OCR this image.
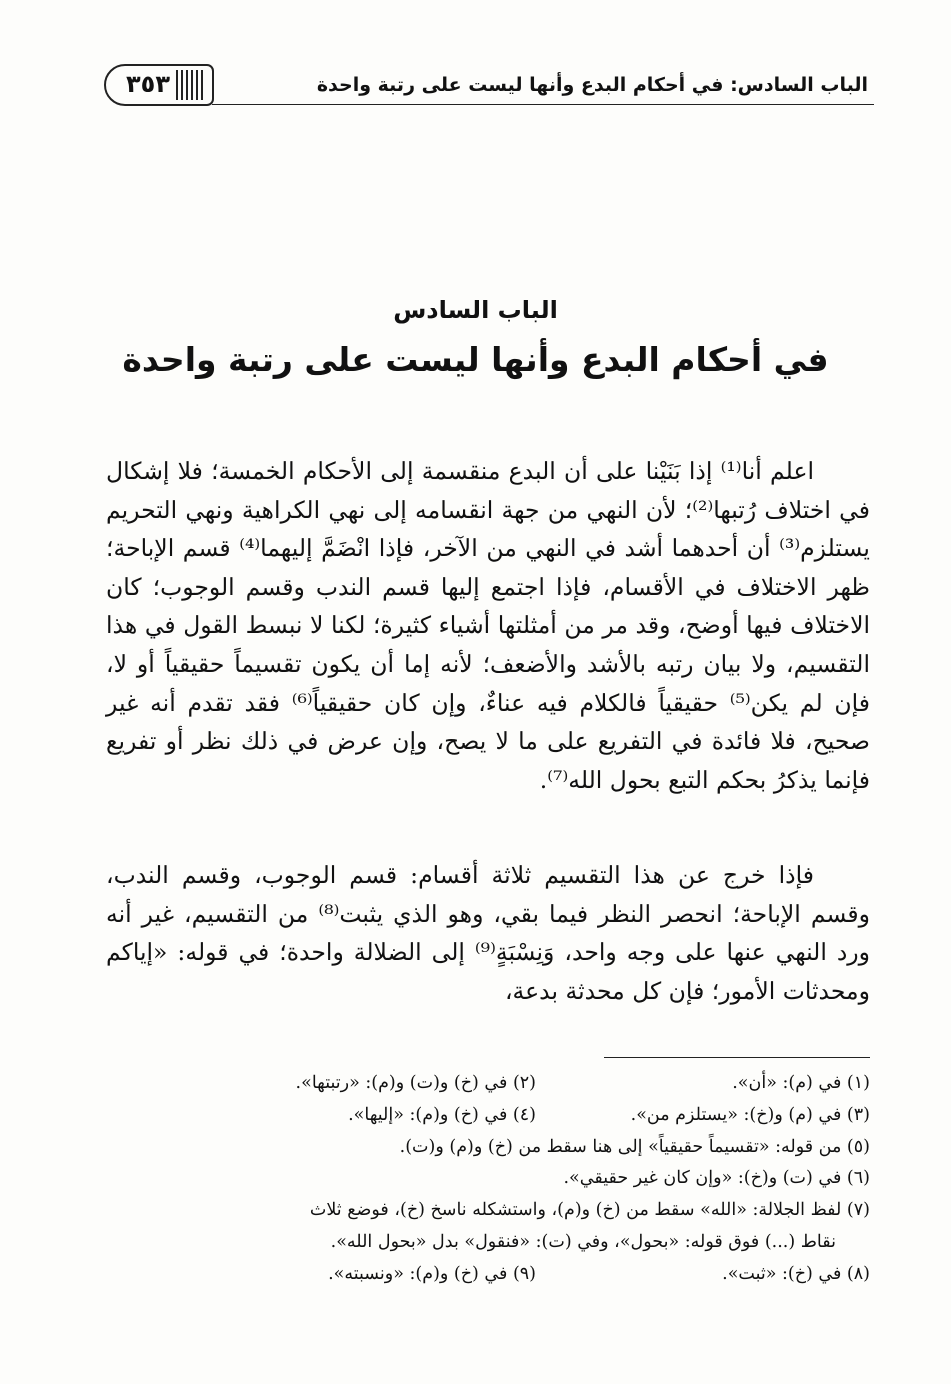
الباب السادس: في أحكام البدع وأنها ليست على رتبة واحدة
٣٥٣
الباب السادس
في أحكام البدع وأنها ليست على رتبة واحدة

اعلم أنا⁽¹⁾ إذا بَنَيْنا على أن البدع منقسمة إلى الأحكام الخمسة؛ فلا إشكال في اختلاف رُتبها⁽²⁾؛ لأن النهي من جهة انقسامه إلى نهي الكراهية ونهي التحريم يستلزم⁽³⁾ أن أحدهما أشد في النهي من الآخر، فإذا انْضَمَّ إليهما⁽⁴⁾ قسم الإباحة؛ ظهر الاختلاف في الأقسام، فإذا اجتمع إليها قسم الندب وقسم الوجوب؛ كان الاختلاف فيها أوضح، وقد مر من أمثلتها أشياء كثيرة؛ لكنا لا نبسط القول في هذا التقسيم، ولا بيان رتبه بالأشد والأضعف؛ لأنه إما أن يكون تقسيماً حقيقياً أو لا، فإن لم يكن⁽⁵⁾ حقيقياً فالكلام فيه عناءٌ، وإن كان حقيقياً⁽⁶⁾ فقد تقدم أنه غير صحيح، فلا فائدة في التفريع على ما لا يصح، وإن عرض في ذلك نظر أو تفريع فإنما يذكرُ بحكم التبع بحول الله⁽⁷⁾.

فإذا خرج عن هذا التقسيم ثلاثة أقسام: قسم الوجوب، وقسم الندب، وقسم الإباحة؛ انحصر النظر فيما بقي، وهو الذي يثبت⁽⁸⁾ من التقسيم، غير أنه ورد النهي عنها على وجه واحد، وَنِسْبَةٍ⁽⁹⁾ إلى الضلالة واحدة؛ في قوله: «إياكم ومحدثات الأمور؛ فإن كل محدثة بدعة،

(١) في (م): «أن».
(٢) في (خ) و(ت) و(م): «رتبتها».
(٣) في (م) و(خ): «يستلزم من».
(٤) في (خ) و(م): «إليها».
(٥) من قوله: «تقسيماً حقيقياً» إلى هنا سقط من (خ) و(م) و(ت).
(٦) في (ت) و(خ): «وإن كان غير حقيقي».
(٧) لفظ الجلالة: «الله» سقط من (خ) و(م)، واستشكله ناسخ (خ)، فوضع ثلاث
نقاط (...) فوق قوله: «بحول»، وفي (ت): «فنقول» بدل «بحول الله».
(٨) في (خ): «ثبت».
(٩) في (خ) و(م): «ونسبته».
